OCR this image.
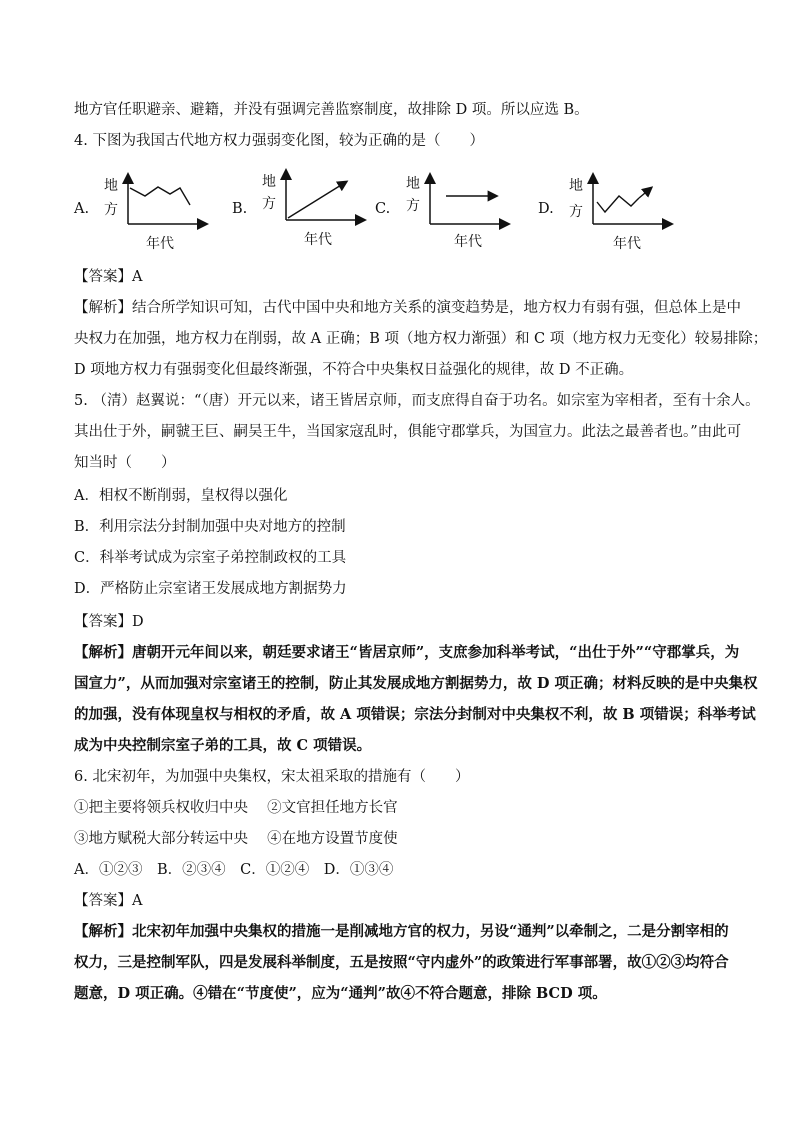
地方官任职避亲、避籍，并没有强调完善监察制度，故排除 D 项。所以应选 B。
4. 下图为我国古代地方权力强弱变化图，较为正确的是（　　）
A.
地
方
年代
B.
地
方
年代
C.
地
方
年代
D.
地
方
年代
【答案】A
【解析】结合所学知识可知，古代中国中央和地方关系的演变趋势是，地方权力有弱有强，但总体上是中
央权力在加强，地方权力在削弱，故 A 正确；B 项（地方权力渐强）和 C 项（地方权力无变化）较易排除；
D 项地方权力有强弱变化但最终渐强，不符合中央集权日益强化的规律，故 D 不正确。
5. （清）赵翼说：“（唐）开元以来，诸王皆居京师，而支庶得自奋于功名。如宗室为宰相者，至有十余人。
其出仕于外，嗣虢王巨、嗣吴王牛，当国家寇乱时，俱能守郡掌兵，为国宣力。此法之最善者也。”由此可
知当时（　　）
A．相权不断削弱，皇权得以强化
B．利用宗法分封制加强中央对地方的控制
C．科举考试成为宗室子弟控制政权的工具
D．严格防止宗室诸王发展成地方割据势力
【答案】D
【解析】唐朝开元年间以来，朝廷要求诸王“皆居京师”，支庶参加科举考试，“出仕于外”“守郡掌兵，为
国宣力”，从而加强对宗室诸王的控制，防止其发展成地方割据势力，故 D 项正确；材料反映的是中央集权
的加强，没有体现皇权与相权的矛盾，故 A 项错误；宗法分封制对中央集权不利，故 B 项错误；科举考试
成为中央控制宗室子弟的工具，故 C 项错误。
6. 北宋初年，为加强中央集权，宋太祖采取的措施有（　　）
①把主要将领兵权收归中央　 ②文官担任地方长官
③地方赋税大部分转运中央　 ④在地方设置节度使
A．①②③　B．②③④　C．①②④　D．①③④
【答案】A
【解析】北宋初年加强中央集权的措施一是削减地方官的权力，另设“通判”以牵制之，二是分割宰相的
权力，三是控制军队，四是发展科举制度，五是按照“守内虚外”的政策进行军事部署，故①②③均符合
题意，D 项正确。④错在“节度使”，应为“通判”故④不符合题意，排除 BCD 项。
